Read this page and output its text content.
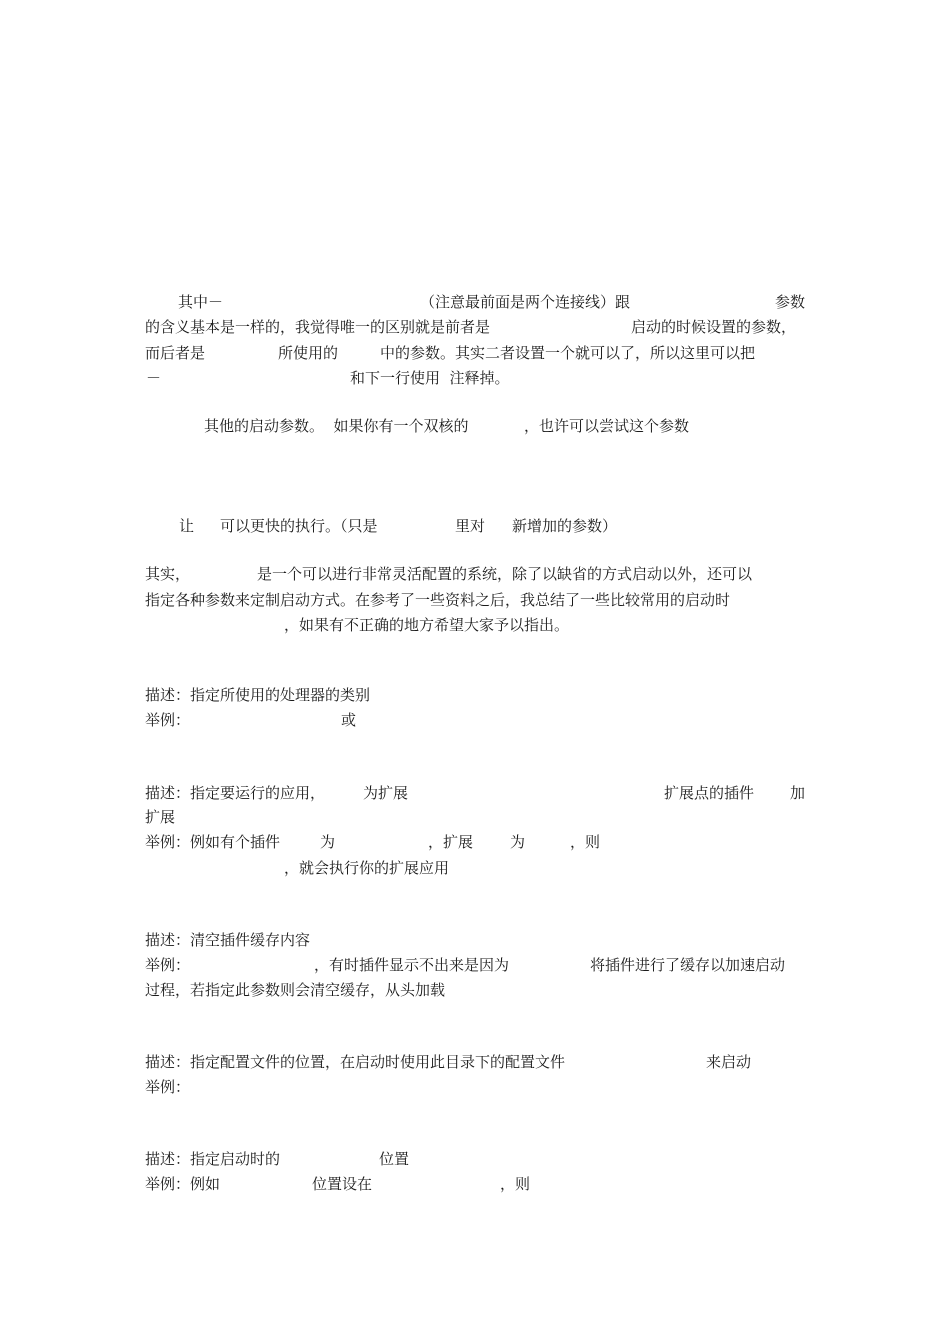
其中－	（注意最前面是两个连接线）跟	参数
的含义基本是一样的，我觉得唯一的区别就是前者是	启动的时候设置的参数，
而后者是	所使用的	中的参数。其实二者设置一个就可以了，所以这里可以把
－	和下一行使用  注释掉。
其他的启动参数。  如果你有一个双核的	，也许可以尝试这个参数
让 可以更快的执行。（只是	里对 新增加的参数）
其实，	是一个可以进行非常灵活配置的系统，除了以缺省的方式启动以外，还可以
指定各种参数来定制启动方式。在参考了一些资料之后，我总结了一些比较常用的启动时
，如果有不正确的地方希望大家予以指出。
描述：指定所使用的处理器的类别
举例：	或
描述：指定要运行的应用，	为扩展	扩展点的插件 加
扩展
举例：例如有个插件	为	，扩展 为	，则
，就会执行你的扩展应用
描述：清空插件缓存内容
举例：	，有时插件显示不出来是因为	将插件进行了缓存以加速启动
过程，若指定此参数则会清空缓存，从头加载
描述：指定配置文件的位置，在启动时使用此目录下的配置文件	来启动
举例：
描述：指定启动时的	位置
举例：例如	位置设在	，则
